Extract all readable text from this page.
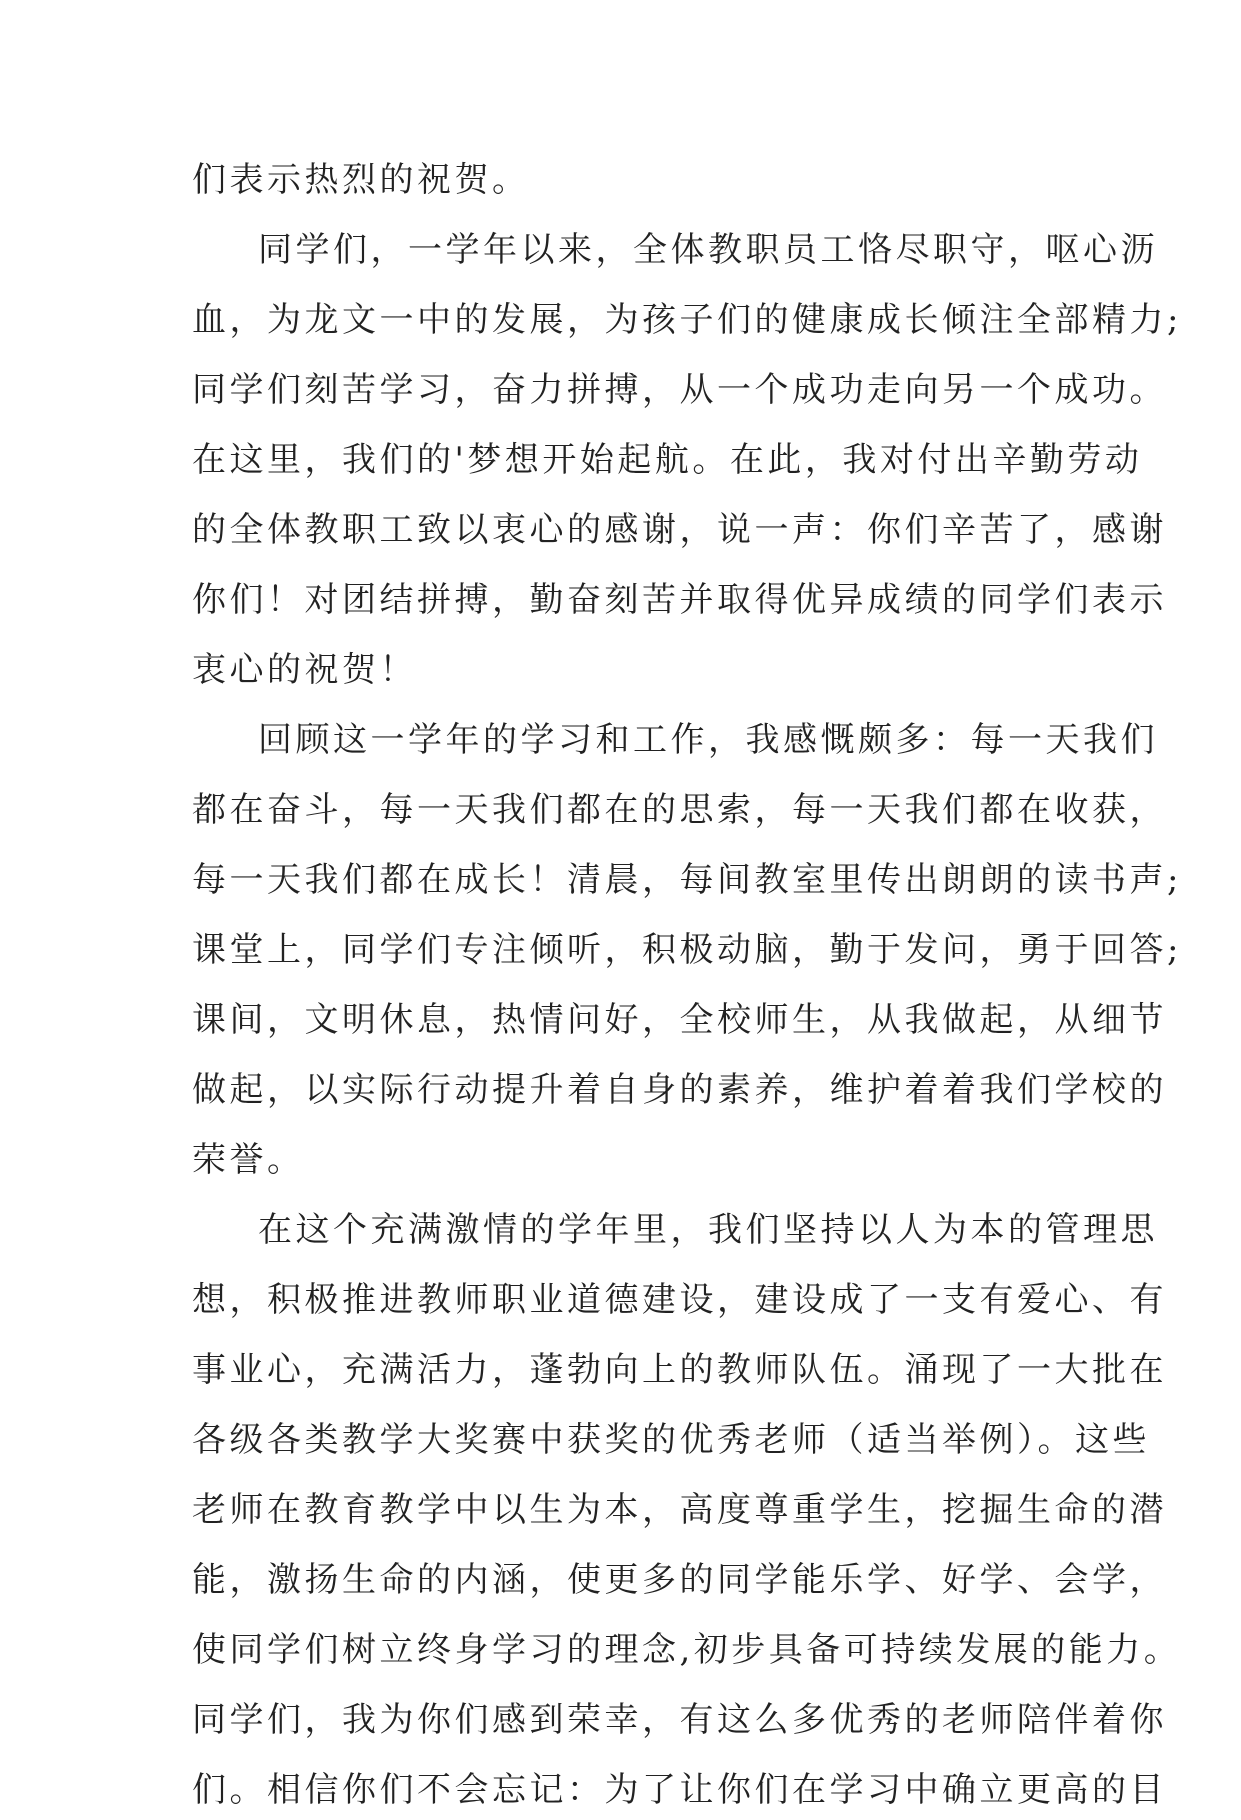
们表示热烈的祝贺。
同学们，一学年以来，全体教职员工恪尽职守，呕心沥
血，为龙文一中的发展，为孩子们的健康成长倾注全部精力;
同学们刻苦学习，奋力拼搏，从一个成功走向另一个成功。
在这里，我们的'梦想开始起航。在此，我对付出辛勤劳动
的全体教职工致以衷心的感谢，说一声：你们辛苦了，感谢
你们！对团结拼搏，勤奋刻苦并取得优异成绩的同学们表示
衷心的祝贺！
回顾这一学年的学习和工作，我感慨颇多：每一天我们
都在奋斗，每一天我们都在的思索，每一天我们都在收获，
每一天我们都在成长！清晨，每间教室里传出朗朗的读书声;
课堂上，同学们专注倾听，积极动脑，勤于发问，勇于回答;
课间，文明休息，热情问好，全校师生，从我做起，从细节
做起，以实际行动提升着自身的素养，维护着着我们学校的
荣誉。
在这个充满激情的学年里，我们坚持以人为本的管理思
想，积极推进教师职业道德建设，建设成了一支有爱心、有
事业心，充满活力，蓬勃向上的教师队伍。涌现了一大批在
各级各类教学大奖赛中获奖的优秀老师（适当举例）。这些
老师在教育教学中以生为本，高度尊重学生，挖掘生命的潜
能，激扬生命的内涵，使更多的同学能乐学、好学、会学，
使同学们树立终身学习的理念,初步具备可持续发展的能力。
同学们，我为你们感到荣幸，有这么多优秀的老师陪伴着你
们。相信你们不会忘记：为了让你们在学习中确立更高的目
